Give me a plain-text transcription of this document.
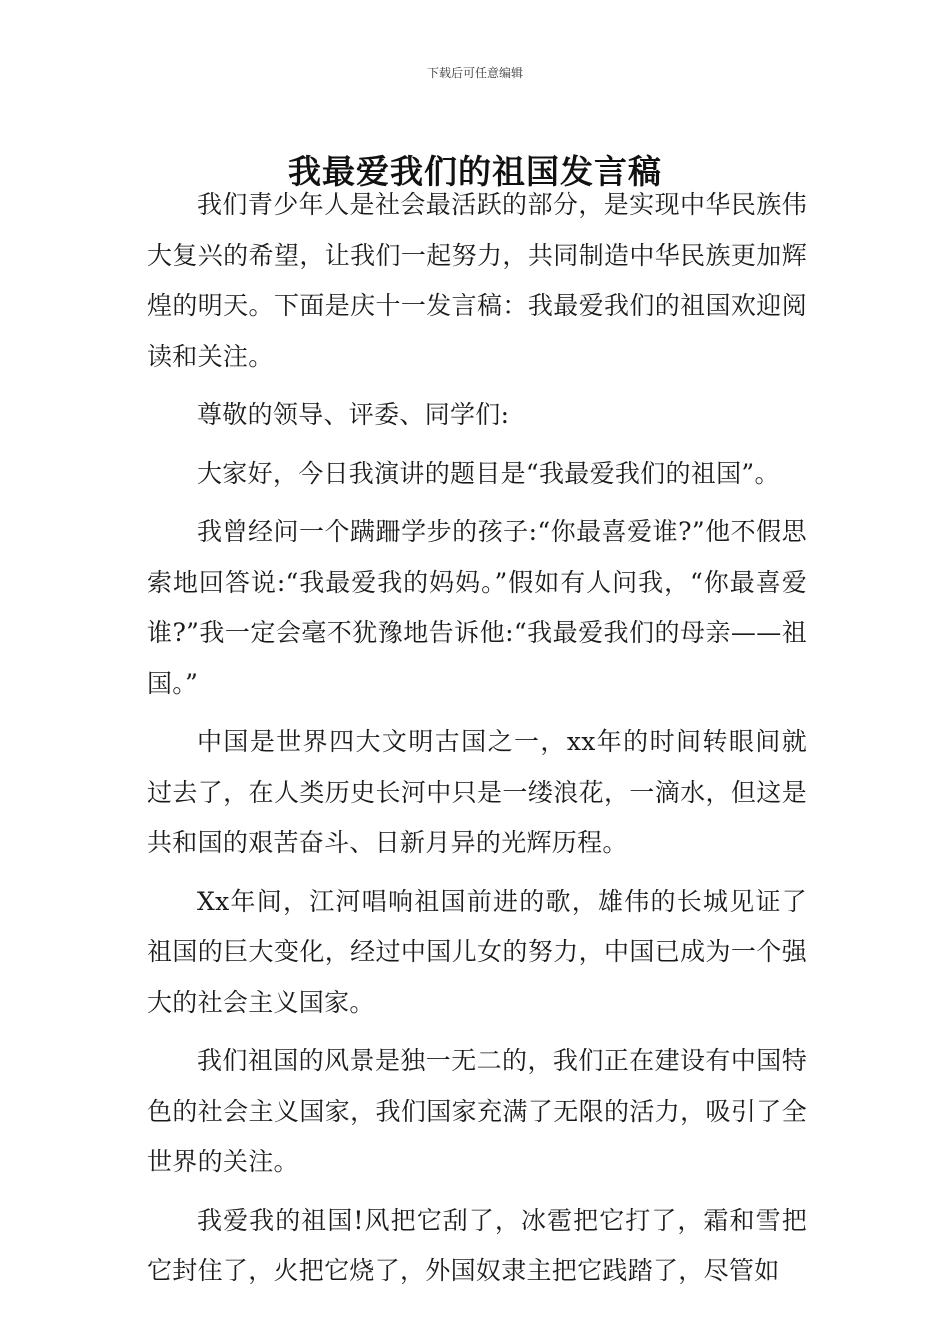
下载后可任意编辑
我最爱我们的祖国发言稿

我们青少年人是社会最活跃的部分，是实现中华民族伟大复兴的希望，让我们一起努力，共同制造中华民族更加辉煌的明天。下面是庆十一发言稿：我最爱我们的祖国欢迎阅读和关注。

尊敬的领导、评委、同学们:

大家好，今日我演讲的题目是“我最爱我们的祖国”。

我曾经问一个蹒跚学步的孩子:“你最喜爱谁?”他不假思索地回答说:“我最爱我的妈妈。”假如有人问我，“你最喜爱谁?”我一定会毫不犹豫地告诉他:“我最爱我们的母亲——祖国。”

中国是世界四大文明古国之一，xx年的时间转眼间就过去了，在人类历史长河中只是一缕浪花，一滴水，但这是共和国的艰苦奋斗、日新月异的光辉历程。

Xx年间，江河唱响祖国前进的歌，雄伟的长城见证了祖国的巨大变化，经过中国儿女的努力，中国已成为一个强大的社会主义国家。

我们祖国的风景是独一无二的，我们正在建设有中国特色的社会主义国家，我们国家充满了无限的活力，吸引了全世界的关注。

我爱我的祖国!风把它刮了，冰雹把它打了，霜和雪把它封住了，火把它烧了，外国奴隶主把它践踏了，尽管如
